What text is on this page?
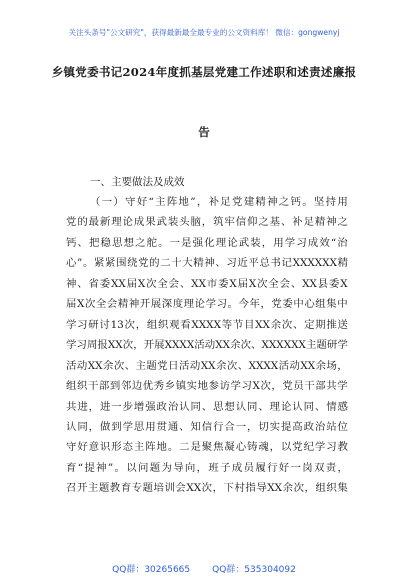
关注头条号"公文研究"，获得最新最全最专业的公文资料库！ 微信：gongwenyj
乡镇党委书记2024年度抓基层党建工作述职和述责述廉报
告
一、主要做法及成效
（ 一 ） 守 好 “ 主 阵 地 ” ， 补 足 党 建 精 神 之 钙 。 坚 持 用
党 的 最 新 理 论 成 果 武 装 头 脑 ， 筑 牢 信 仰 之 基 、 补 足 精 神 之
钙 、 把 稳 思 想 之 舵 。 一 是 强 化 理 论 武 装 ， 用 学 习 成 效 “ 治
心 ” 。 紧 紧 围 绕 党 的 二 十 大 精 神 、 习 近 平 总 书 记 XXXXXX 精
神 、 省 委 XX 届 X 次 全 会 、 XX 市 委 X 届 X 次 全 会 、 XX 县 委 X
届 X 次 全 会 精 神 开 展 深 度 理 论 学 习 。 今 年 ， 党 委 中 心 组 集 中
学 习 研 讨 13 次 ， 组 织 观 看 XXXX 等 节 目 XX 余 次 、 定 期 推 送
学 习 周 报 XX 次 ， 开 展 XXXX 活 动 XX 余 次 、 XXXXXX 主 题 研 学
活 动 XX 余 次 、 主 题 党 日 活 动 XX 余 次 、 XXXX 活 动 XX 余 场 ，
组 织 干 部 到 邻 边 优 秀 乡 镇 实 地 参 访 学 习 X 次 ， 党 员 干 部 共 学
共 进 ， 进 一 步 增 强 政 治 认 同 、 思 想 认 同 、 理 论 认 同 、 情 感
认 同 ， 做 到 学 思 用 贯 通 、 知 信 行 合 一 ， 切 实 提 高 政 治 站 位
守 好 意 识 形 态 主 阵 地 。 二 是 聚 焦 凝 心 铸 魂 ， 以 党 纪 学 习 教
育 “ 提 神 ” 。 以 问 题 为 导 向 ， 班 子 成 员 履 行 好 一 岗 双 责 ，
召 开 主 题 教 育 专 题 培 训 会 XX 次 ， 下 村 指 导 XX 余 次 ， 组 织 集
QQ群：30265665 QQ群：535304092
